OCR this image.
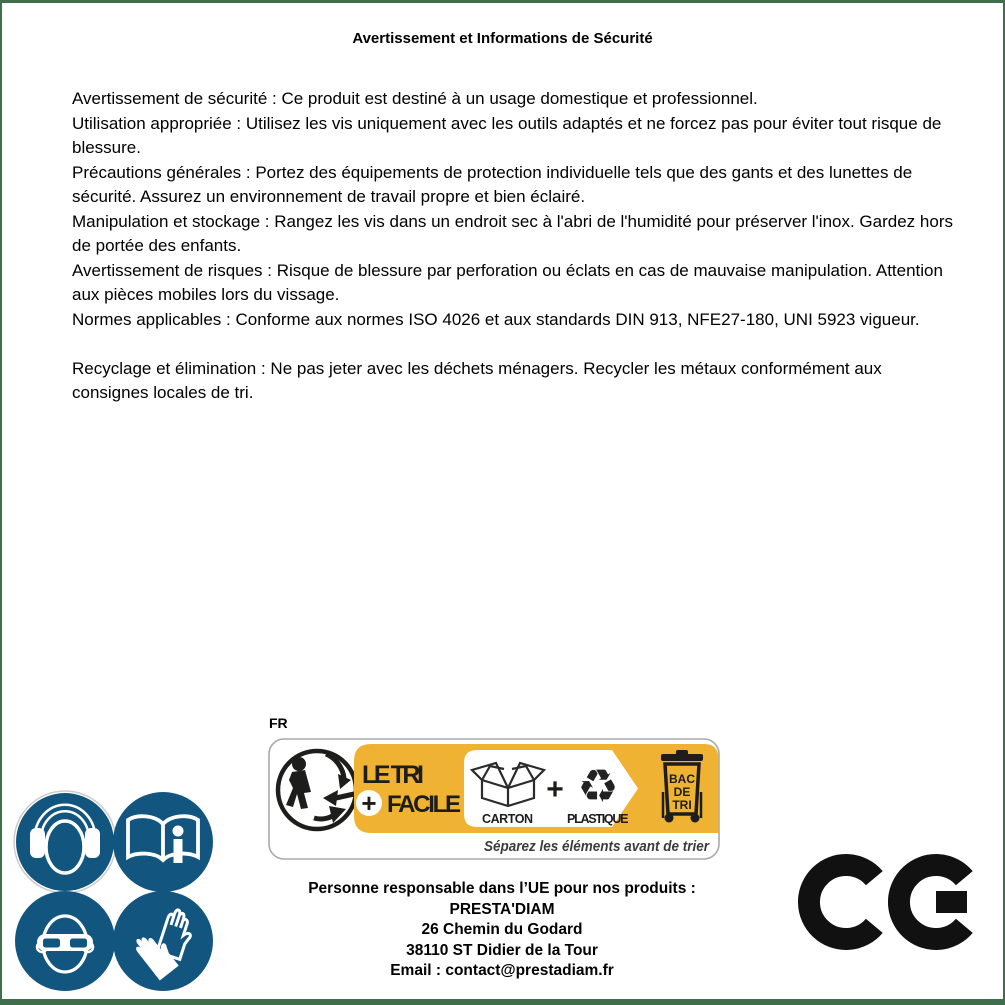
Avertissement et Informations de Sécurité
Avertissement de sécurité : Ce produit est destiné à un usage domestique et professionnel.
Utilisation appropriée : Utilisez les vis uniquement avec les outils adaptés et ne forcez pas pour éviter tout risque de blessure.
Précautions générales : Portez des équipements de protection individuelle tels que des gants et des lunettes de sécurité. Assurez un environnement de travail propre et bien éclairé.
Manipulation et stockage : Rangez les vis dans un endroit sec à l'abri de l'humidité pour préserver l'inox. Gardez hors de portée des enfants.
Avertissement de risques : Risque de blessure par perforation ou éclats en cas de mauvaise manipulation. Attention aux pièces mobiles lors du vissage.
Normes applicables : Conforme aux normes ISO 4026 et aux standards DIN 913, NFE27-180, UNI 5923 vigueur.
Recyclage et élimination : Ne pas jeter avec les déchets ménagers. Recycler les métaux conformément aux consignes locales de tri.
FR
LE TRI
+ FACILE
CARTON
+ ♻
PLASTIQUE
BAC
DE
TRI
Séparez les éléments avant de trier
Personne responsable dans l’UE pour nos produits :
PRESTA'DIAM
26 Chemin du Godard
38110 ST Didier de la Tour
Email : contact@prestadiam.fr
